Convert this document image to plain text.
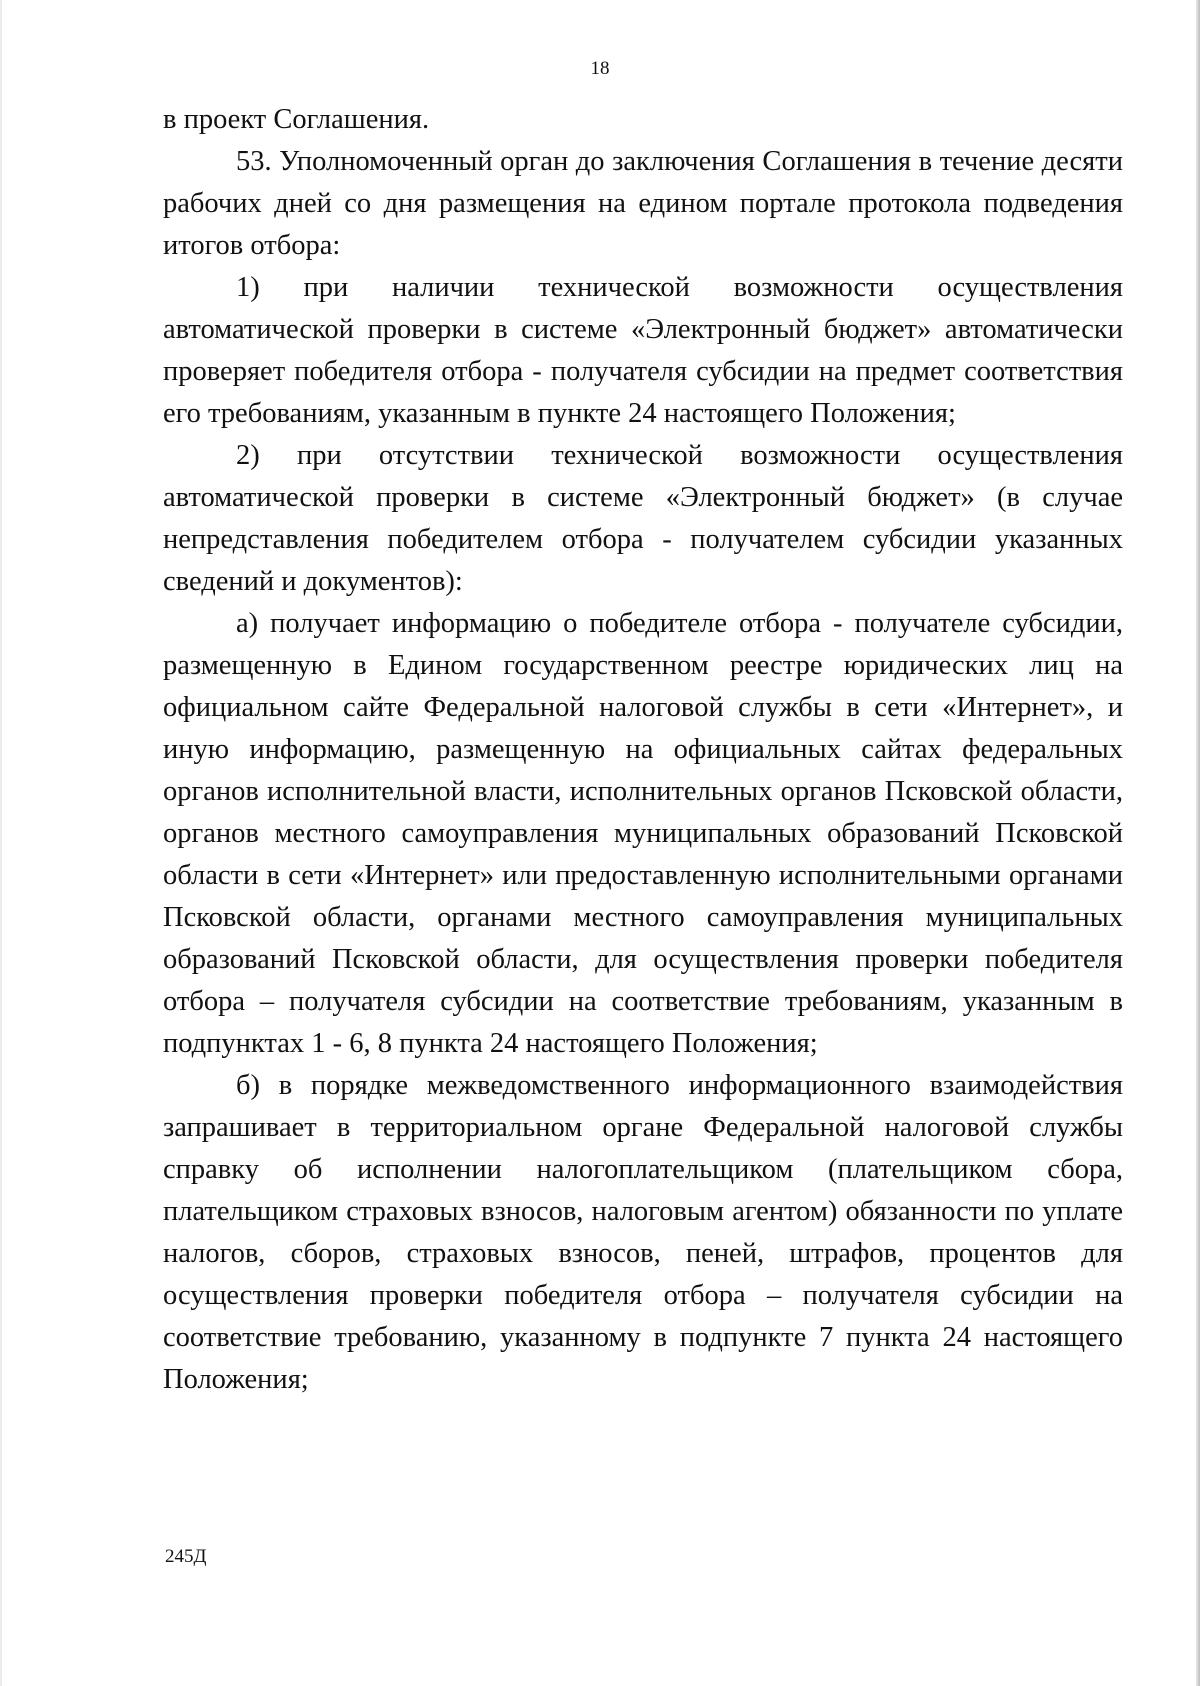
18

в проект Соглашения.

53. Уполномоченный орган до заключения Соглашения в течение десяти рабочих дней со дня размещения на едином портале протокола подведения итогов отбора:

1) при наличии технической возможности осуществления автоматической проверки в системе «Электронный бюджет» автоматически проверяет победителя отбора - получателя субсидии на предмет соответствия его требованиям, указанным в пункте 24 настоящего Положения;

2) при отсутствии технической возможности осуществления автоматической проверки в системе «Электронный бюджет» (в случае непредставления победителем отбора - получателем субсидии указанных сведений и документов):

а) получает информацию о победителе отбора - получателе субсидии, размещенную в Едином государственном реестре юридических лиц на официальном сайте Федеральной налоговой службы в сети «Интернет», и иную информацию, размещенную на официальных сайтах федеральных органов исполнительной власти, исполнительных органов Псковской области, органов местного самоуправления муниципальных образований Псковской области в сети «Интернет» или предоставленную исполнительными органами Псковской области, органами местного самоуправления муниципальных образований Псковской области, для осуществления проверки победителя отбора – получателя субсидии на соответствие требованиям, указанным в подпунктах 1 - 6, 8 пункта 24 настоящего Положения;

б) в порядке межведомственного информационного взаимодействия запрашивает в территориальном органе Федеральной налоговой службы справку об исполнении налогоплательщиком (плательщиком сбора, плательщиком страховых взносов, налоговым агентом) обязанности по уплате налогов, сборов, страховых взносов, пеней, штрафов, процентов для осуществления проверки победителя отбора – получателя субсидии на соответствие требованию, указанному в подпункте 7 пункта 24 настоящего Положения;

245Д
